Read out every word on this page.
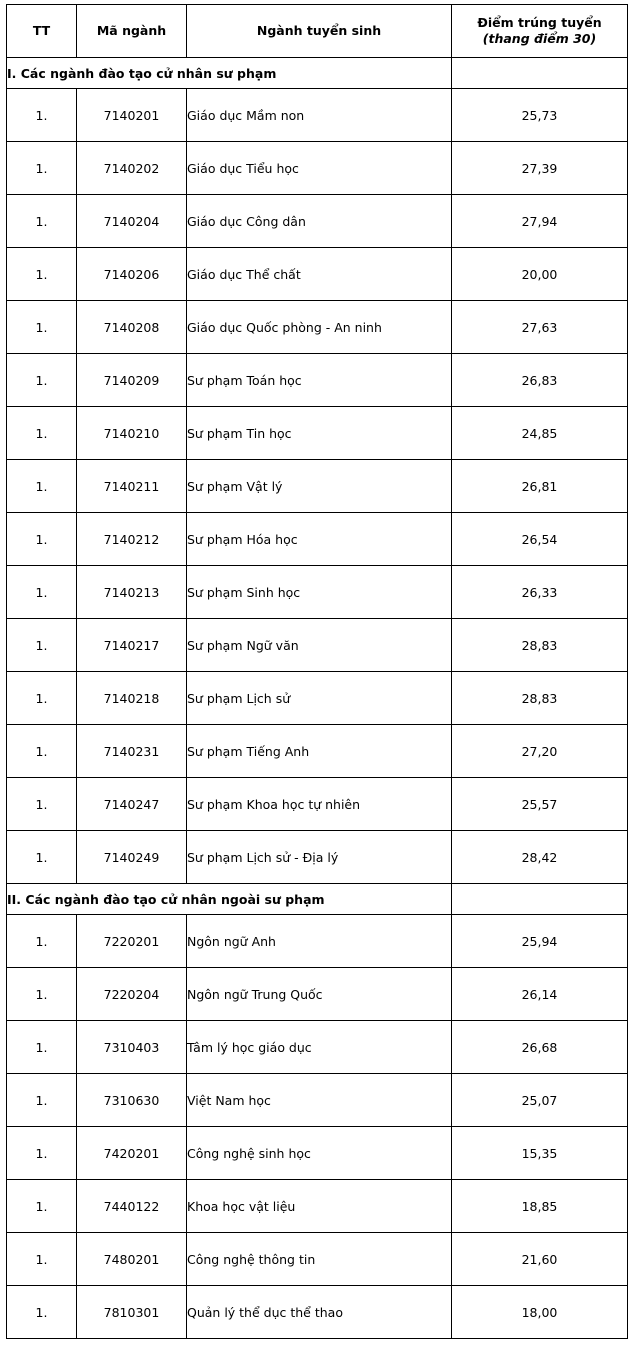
TT	Mã ngành	Ngành tuyển sinh	Điểm trúng tuyển
(thang điểm 30)

I. Các ngành đào tạo cử nhân sư phạm			
1.	7140201	Giáo dục Mầm non	25,73
1.	7140202	Giáo dục Tiểu học	27,39
1.	7140204	Giáo dục Công dân	27,94
1.	7140206	Giáo dục Thể chất	20,00
1.	7140208	Giáo dục Quốc phòng - An ninh	27,63
1.	7140209	Sư phạm Toán học	26,83
1.	7140210	Sư phạm Tin học	24,85
1.	7140211	Sư phạm Vật lý	26,81
1.	7140212	Sư phạm Hóa học	26,54
1.	7140213	Sư phạm Sinh học	26,33
1.	7140217	Sư phạm Ngữ văn	28,83
1.	7140218	Sư phạm Lịch sử	28,83
1.	7140231	Sư phạm Tiếng Anh	27,20
1.	7140247	Sư phạm Khoa học tự nhiên	25,57
1.	7140249	Sư phạm Lịch sử - Địa lý	28,42
II. Các ngành đào tạo cử nhân ngoài sư phạm			
1.	7220201	Ngôn ngữ Anh	25,94
1.	7220204	Ngôn ngữ Trung Quốc	26,14
1.	7310403	Tâm lý học giáo dục	26,68
1.	7310630	Việt Nam học	25,07
1.	7420201	Công nghệ sinh học	15,35
1.	7440122	Khoa học vật liệu	18,85
1.	7480201	Công nghệ thông tin	21,60
1.	7810301	Quản lý thể dục thể thao	18,00
